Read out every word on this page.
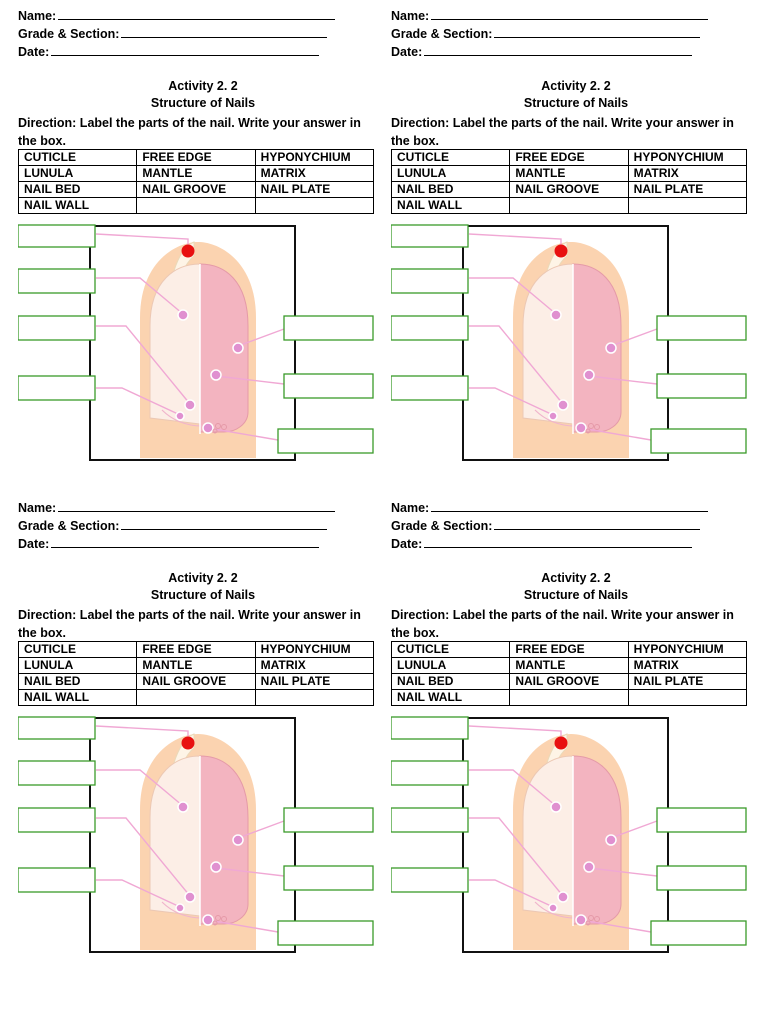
Name:
Grade & Section:
Date:
Activity 2. 2
Structure of Nails
Direction: Label the parts of the nail. Write your answer in the box.
CUTICLE	FREE EDGE	HYPONYCHIUM
LUNULA	MANTLE	MATRIX
NAIL BED	NAIL GROOVE	NAIL PLATE
NAIL WALL		
Name:
Grade & Section:
Date:
Activity 2. 2
Structure of Nails
Direction: Label the parts of the nail. Write your answer in the box.
CUTICLE	FREE EDGE	HYPONYCHIUM
LUNULA	MANTLE	MATRIX
NAIL BED	NAIL GROOVE	NAIL PLATE
NAIL WALL		
Name:
Grade & Section:
Date:
Activity 2. 2
Structure of Nails
Direction: Label the parts of the nail. Write your answer in the box.
CUTICLE	FREE EDGE	HYPONYCHIUM
LUNULA	MANTLE	MATRIX
NAIL BED	NAIL GROOVE	NAIL PLATE
NAIL WALL		
Name:
Grade & Section:
Date:
Activity 2. 2
Structure of Nails
Direction: Label the parts of the nail. Write your answer in the box.
CUTICLE	FREE EDGE	HYPONYCHIUM
LUNULA	MANTLE	MATRIX
NAIL BED	NAIL GROOVE	NAIL PLATE
NAIL WALL		
